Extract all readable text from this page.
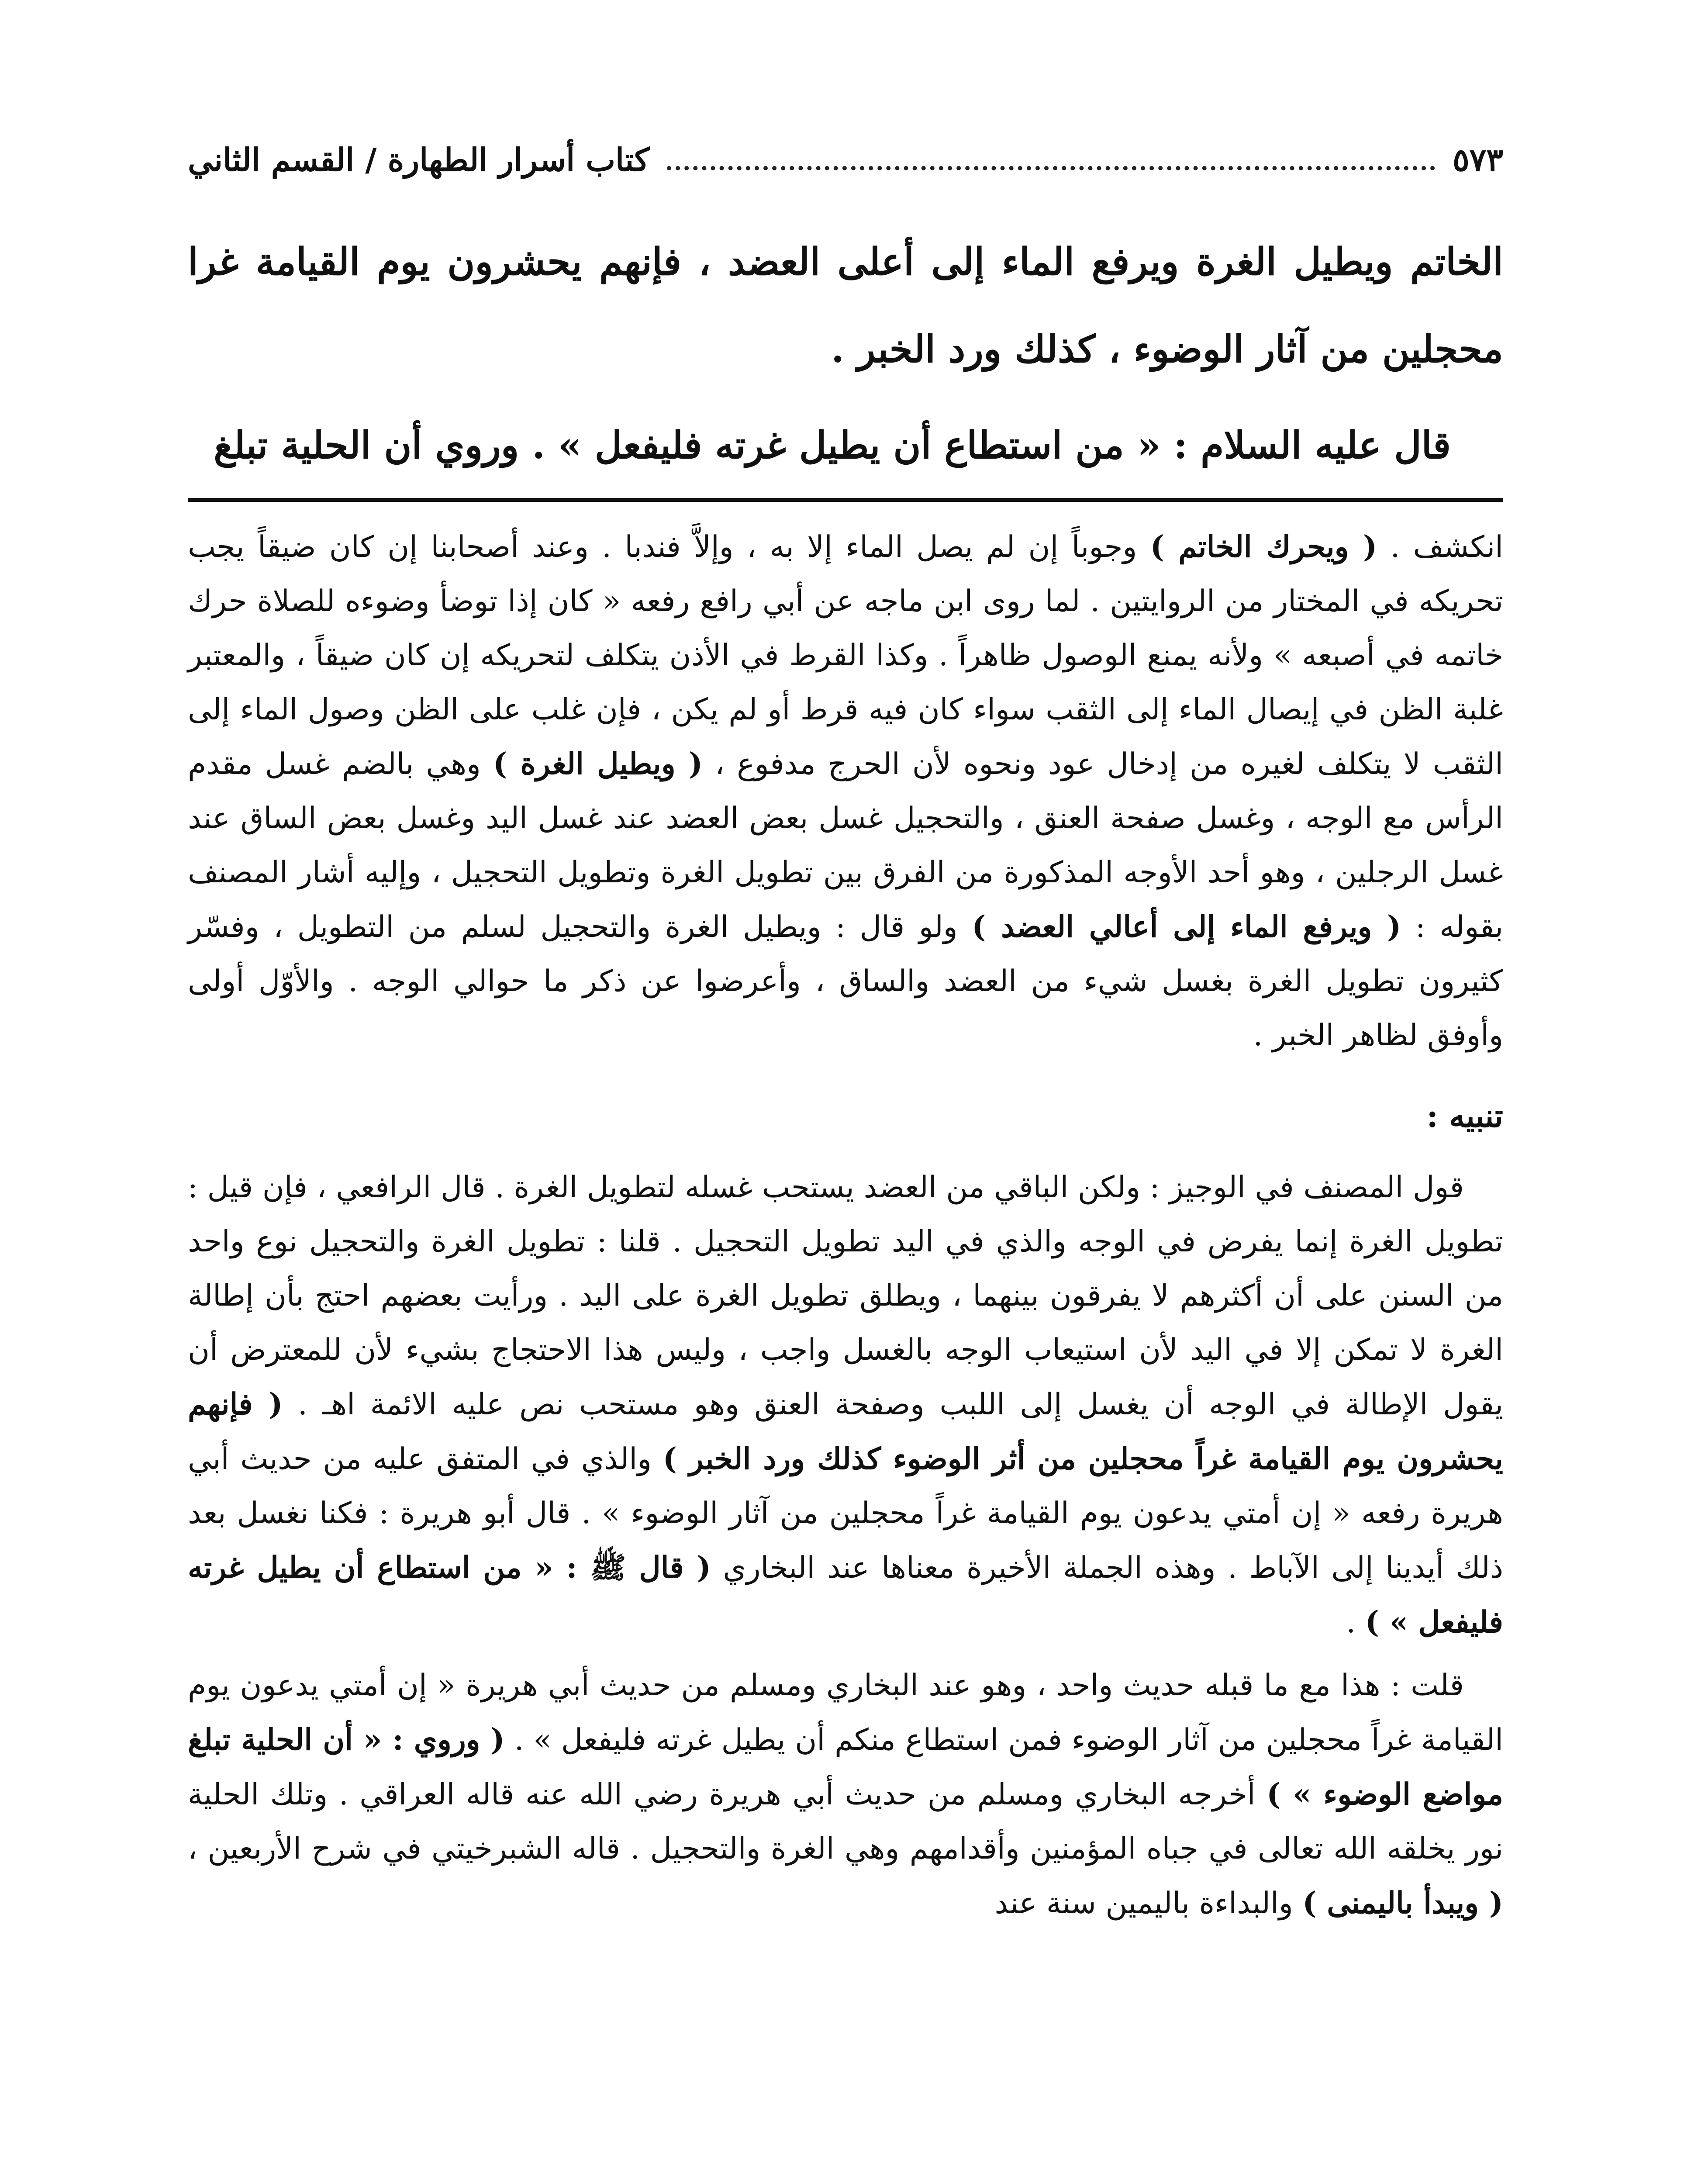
كتاب أسرار الطهارة / القسم الثاني	٥٧٣

الخاتم ويطيل الغرة ويرفع الماء إلى أعلى العضد ، فإنهم يحشرون يوم القيامة غرا محجلين من آثار الوضوء ، كذلك ورد الخبر .

قال عليه السلام : « من استطاع أن يطيل غرته فليفعل » . وروي أن الحلية تبلغ

انكشف . ( ويحرك الخاتم ) وجوباً إن لم يصل الماء إلا به ، وإلاَّ فندبا . وعند أصحابنا إن كان ضيقاً يجب تحريكه في المختار من الروايتين . لما روى ابن ماجه عن أبي رافع رفعه « كان إذا توضأ وضوءه للصلاة حرك خاتمه في أصبعه » ولأنه يمنع الوصول ظاهراً . وكذا القرط في الأذن يتكلف لتحريكه إن كان ضيقاً ، والمعتبر غلبة الظن في إيصال الماء إلى الثقب سواء كان فيه قرط أو لم يكن ، فإن غلب على الظن وصول الماء إلى الثقب لا يتكلف لغيره من إدخال عود ونحوه لأن الحرج مدفوع ، ( ويطيل الغرة ) وهي بالضم غسل مقدم الرأس مع الوجه ، وغسل صفحة العنق ، والتحجيل غسل بعض العضد عند غسل اليد وغسل بعض الساق عند غسل الرجلين ، وهو أحد الأوجه المذكورة من الفرق بين تطويل الغرة وتطويل التحجيل ، وإليه أشار المصنف بقوله : ( ويرفع الماء إلى أعالي العضد ) ولو قال : ويطيل الغرة والتحجيل لسلم من التطويل ، وفسّر كثيرون تطويل الغرة بغسل شيء من العضد والساق ، وأعرضوا عن ذكر ما حوالي الوجه . والأوّل أولى وأوفق لظاهر الخبر .

تنبيه :

قول المصنف في الوجيز : ولكن الباقي من العضد يستحب غسله لتطويل الغرة . قال الرافعي ، فإن قيل : تطويل الغرة إنما يفرض في الوجه والذي في اليد تطويل التحجيل . قلنا : تطويل الغرة والتحجيل نوع واحد من السنن على أن أكثرهم لا يفرقون بينهما ، ويطلق تطويل الغرة على اليد . ورأيت بعضهم احتج بأن إطالة الغرة لا تمكن إلا في اليد لأن استيعاب الوجه بالغسل واجب ، وليس هذا الاحتجاج بشيء لأن للمعترض أن يقول الإطالة في الوجه أن يغسل إلى اللبب وصفحة العنق وهو مستحب نص عليه الائمة اهـ . ( فإنهم يحشرون يوم القيامة غراً محجلين من أثر الوضوء كذلك ورد الخبر ) والذي في المتفق عليه من حديث أبي هريرة رفعه « إن أمتي يدعون يوم القيامة غراً محجلين من آثار الوضوء » . قال أبو هريرة : فكنا نغسل بعد ذلك أيدينا إلى الآباط . وهذه الجملة الأخيرة معناها عند البخاري ( قال ﷺ : « من استطاع أن يطيل غرته فليفعل » ) .

قلت : هذا مع ما قبله حديث واحد ، وهو عند البخاري ومسلم من حديث أبي هريرة « إن أمتي يدعون يوم القيامة غراً محجلين من آثار الوضوء فمن استطاع منكم أن يطيل غرته فليفعل » . ( وروي : « أن الحلية تبلغ مواضع الوضوء » ) أخرجه البخاري ومسلم من حديث أبي هريرة رضي الله عنه قاله العراقي . وتلك الحلية نور يخلقه الله تعالى في جباه المؤمنين وأقدامهم وهي الغرة والتحجيل . قاله الشبرخيتي في شرح الأربعين ، ( ويبدأ باليمنى ) والبداءة باليمين سنة عند
